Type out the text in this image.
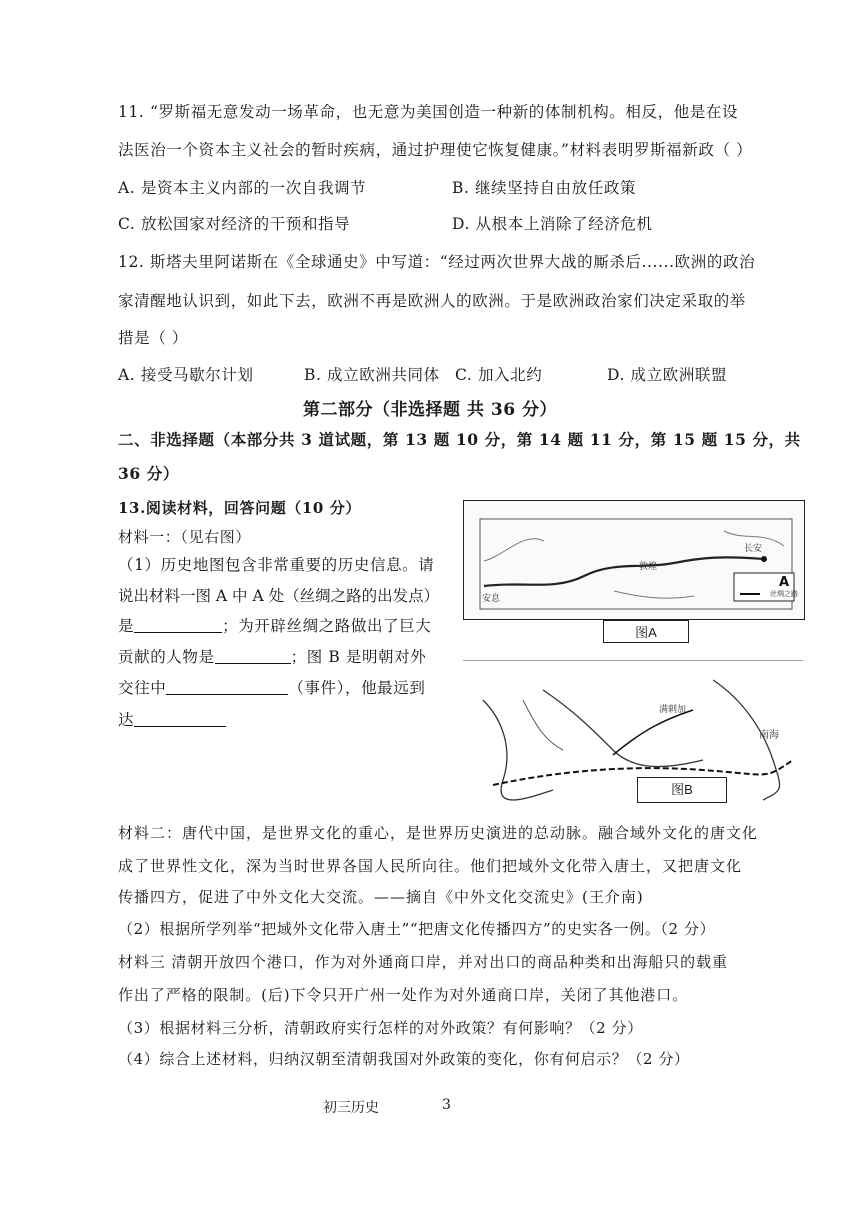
11. “罗斯福无意发动一场革命，也无意为美国创造一种新的体制机构。相反，他是在设
法医治一个资本主义社会的暂时疾病，通过护理使它恢复健康。”材料表明罗斯福新政（ ）
A. 是资本主义内部的一次自我调节	B. 继续坚持自由放任政策
C. 放松国家对经济的干预和指导	D. 从根本上消除了经济危机
12. 斯塔夫里阿诺斯在《全球通史》中写道：“经过两次世界大战的厮杀后......欧洲的政治
家清醒地认识到，如此下去，欧洲不再是欧洲人的欧洲。于是欧洲政治家们决定采取的举
措是（ ）
A. 接受马歇尔计划	B. 成立欧洲共同体 C. 加入北约	D. 成立欧洲联盟
第二部分（非选择题 共 36 分）
二、非选择题（本部分共 3 道试题，第 13 题 10 分，第 14 题 11 分，第 15 题 15 分，共
36 分）
13.阅读材料，回答问题（10 分）
材料一：（见右图）
（1）历史地图包含非常重要的历史信息。请
说出材料一图 A 中 A 处（丝绸之路的出发点）
是	；为开辟丝绸之路做出了巨大
贡献的人物是	；图 B 是明朝对外
交往中	（事件），他最远到
达
A
丝绸之路
安息
敦煌
长安
图A
南海
满剌加
图B
材料二：唐代中国，是世界文化的重心，是世界历史演进的总动脉。融合域外文化的唐文化
成了世界性文化，深为当时世界各国人民所向往。他们把域外文化带入唐土，又把唐文化
传播四方，促进了中外文化大交流。——摘自《中外文化交流史》(王介南)
（2）根据所学列举“把域外文化带入唐土”“把唐文化传播四方”的史实各一例。（2 分）
材料三 清朝开放四个港口，作为对外通商口岸，并对出口的商品种类和出海船只的载重
作出了严格的限制。(后)下令只开广州一处作为对外通商口岸，关闭了其他港口。
（3）根据材料三分析，清朝政府实行怎样的对外政策？有何影响？（2 分）
（4）综合上述材料，归纳汉朝至清朝我国对外政策的变化，你有何启示？（2 分）
初三历史	3
